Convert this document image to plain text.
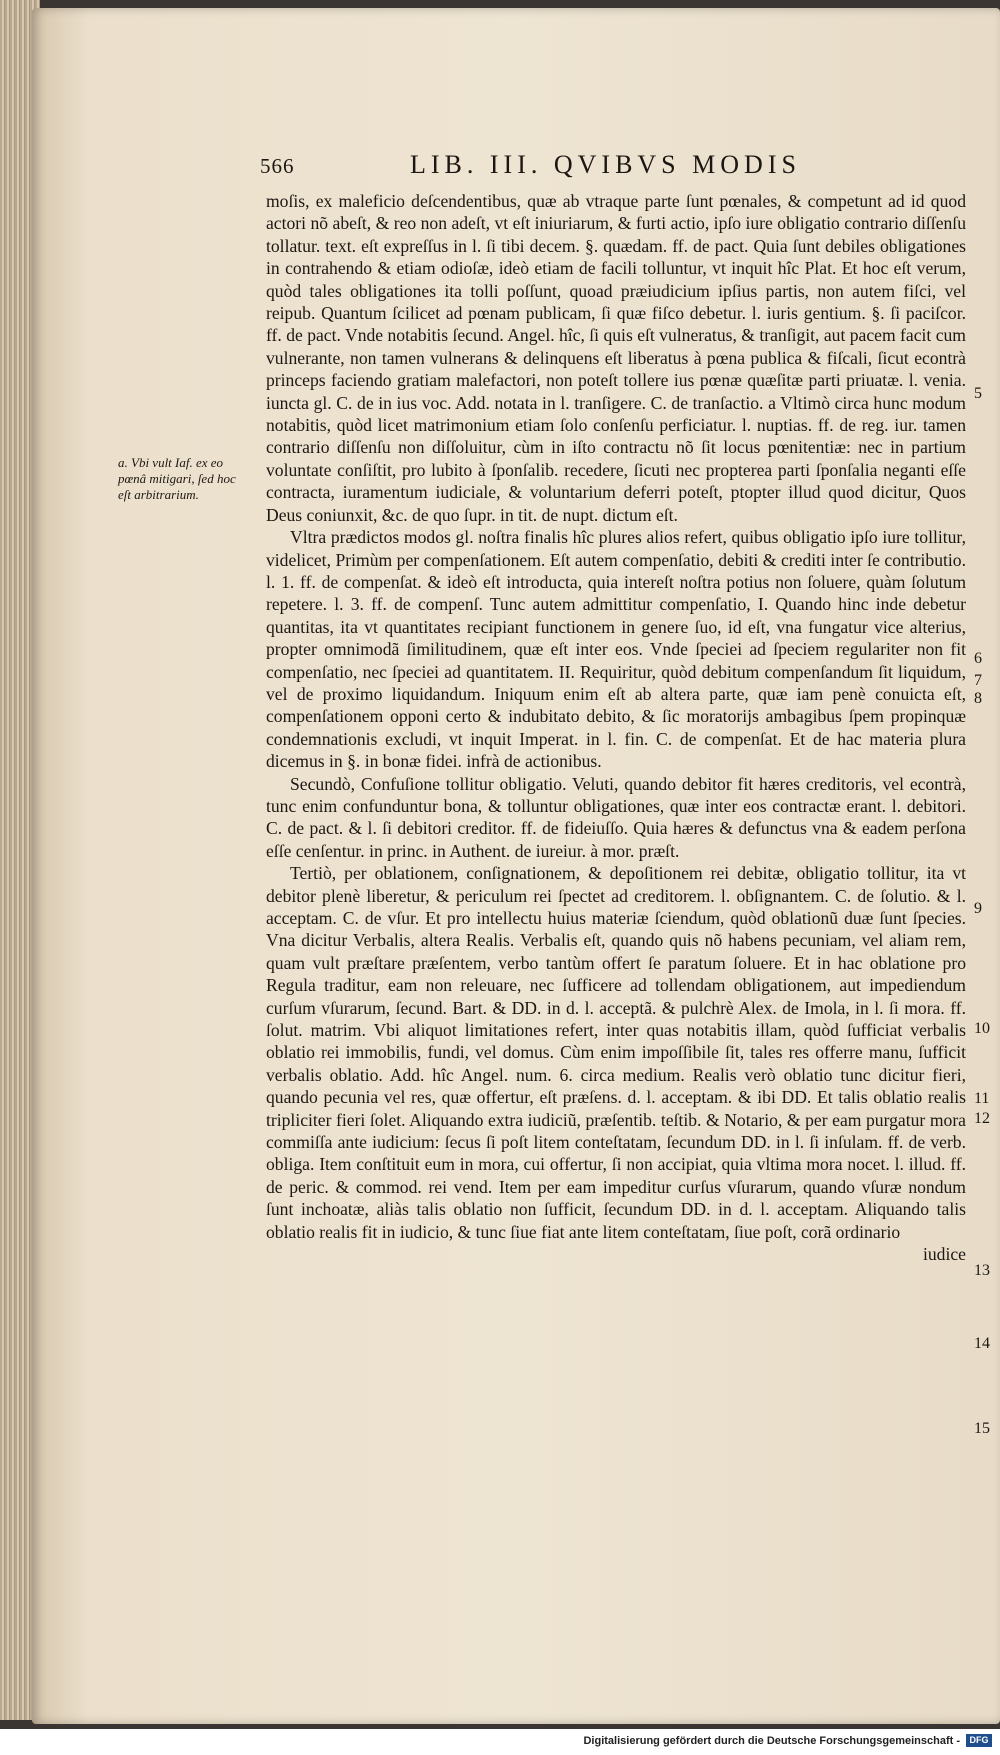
566	LIB. III. QVIBVS MODIS
a. Vbi vult Iaf. ex eo pœnâ mitigari, ſed hoc eſt arbitrarium.
5
6
7
8
9
10
11
12
13
14
15

moſis, ex maleficio deſcendentibus, quæ ab vtraque parte ſunt pœnales, & competunt ad id quod actori nõ abeſt, & reo non adeſt, vt eſt iniuriarum, & furti actio, ipſo iure obligatio contrario diſſenſu tollatur. text. eſt expreſſus in l. ſi tibi decem. §. quædam. ff. de pact. Quia ſunt debiles obligationes in contrahendo & etiam odioſæ, ideò etiam de facili tolluntur, vt inquit hîc Plat. Et hoc eſt verum, quòd tales obligationes ita tolli poſſunt, quoad præiudicium ipſius partis, non autem fiſci, vel reipub. Quantum ſcilicet ad pœnam publicam, ſi quæ fiſco debetur. l. iuris gentium. §. ſi paciſcor. ff. de pact. Vnde notabitis ſecund. Angel. hîc, ſi quis eſt vulneratus, & tranſigit, aut pacem facit cum vulnerante, non tamen vulnerans & delinquens eſt liberatus à pœna publica & fiſcali, ſicut econtrà princeps faciendo gratiam malefactori, non poteſt tollere ius pœnæ quæſitæ parti priuatæ. l. venia. iuncta gl. C. de in ius voc. Add. notata in l. tranſigere. C. de tranſactio. a Vltimò circa hunc modum notabitis, quòd licet matrimonium etiam ſolo conſenſu perficiatur. l. nuptias. ff. de reg. iur. tamen contrario diſſenſu non diſſoluitur, cùm in iſto contractu nõ ſit locus pœnitentiæ: nec in partium voluntate conſiſtit, pro lubito à ſponſalib. recedere, ſicuti nec propterea parti ſponſalia neganti eſſe contracta, iuramentum iudiciale, & voluntarium deferri poteſt, ptopter illud quod dicitur, Quos Deus coniunxit, &c. de quo ſupr. in tit. de nupt. dictum eſt.

Vltra prædictos modos gl. noſtra finalis hîc plures alios refert, quibus obligatio ipſo iure tollitur, videlicet, Primùm per compenſationem. Eſt autem compenſatio, debiti & crediti inter ſe contributio. l. 1. ff. de compenſat. & ideò eſt introducta, quia intereſt noſtra potius non ſoluere, quàm ſolutum repetere. l. 3. ff. de compenſ. Tunc autem admittitur compenſatio, I. Quando hinc inde debetur quantitas, ita vt quantitates recipiant functionem in genere ſuo, id eſt, vna fungatur vice alterius, propter omnimodã ſimilitudinem, quæ eſt inter eos. Vnde ſpeciei ad ſpeciem regulariter non fit compenſatio, nec ſpeciei ad quantitatem. II. Requiritur, quòd debitum compenſandum ſit liquidum, vel de proximo liquidandum. Iniquum enim eſt ab altera parte, quæ iam penè conuicta eſt, compenſationem opponi certo & indubitato debito, & ſic moratorijs ambagibus ſpem propinquæ condemnationis excludi, vt inquit Imperat. in l. fin. C. de compenſat. Et de hac materia plura dicemus in §. in bonæ fidei. infrà de actionibus.

Secundò, Confuſione tollitur obligatio. Veluti, quando debitor fit hæres creditoris, vel econtrà, tunc enim confunduntur bona, & tolluntur obligationes, quæ inter eos contractæ erant. l. debitori. C. de pact. & l. ſi debitori creditor. ff. de fideiuſſo. Quia hæres & defunctus vna & eadem perſona eſſe cenſentur. in princ. in Authent. de iureiur. à mor. præſt.

Tertiò, per oblationem, conſignationem, & depoſitionem rei debitæ, obligatio tollitur, ita vt debitor plenè liberetur, & periculum rei ſpectet ad creditorem. l. obſignantem. C. de ſolutio. & l. acceptam. C. de vſur. Et pro intellectu huius materiæ ſciendum, quòd oblationũ duæ ſunt ſpecies. Vna dicitur Verbalis, altera Realis. Verbalis eſt, quando quis nõ habens pecuniam, vel aliam rem, quam vult præſtare præſentem, verbo tantùm offert ſe paratum ſoluere. Et in hac oblatione pro Regula traditur, eam non releuare, nec ſufficere ad tollendam obligationem, aut impediendum curſum vſurarum, ſecund. Bart. & DD. in d. l. acceptã. & pulchrè Alex. de Imola, in l. ſi mora. ff. ſolut. matrim. Vbi aliquot limitationes refert, inter quas notabitis illam, quòd ſufficiat verbalis oblatio rei immobilis, fundi, vel domus. Cùm enim impoſſibile ſit, tales res offerre manu, ſufficit verbalis oblatio. Add. hîc Angel. num. 6. circa medium. Realis verò oblatio tunc dicitur fieri, quando pecunia vel res, quæ offertur, eſt præſens. d. l. acceptam. & ibi DD. Et talis oblatio realis tripliciter fieri ſolet. Aliquando extra iudiciũ, præſentib. teſtib. & Notario, & per eam purgatur mora commiſſa ante iudicium: ſecus ſi poſt litem conteſtatam, ſecundum DD. in l. ſi inſulam. ff. de verb. obliga. Item conſtituit eum in mora, cui offertur, ſi non accipiat, quia vltima mora nocet. l. illud. ff. de peric. & commod. rei vend. Item per eam impeditur curſus vſurarum, quando vſuræ nondum ſunt inchoatæ, aliàs talis oblatio non ſufficit, ſecundum DD. in d. l. acceptam. Aliquando talis oblatio realis fit in iudicio, & tunc ſiue fiat ante litem conteſtatam, ſiue poſt, corã ordinario

iudice

Digitalisierung gefördert durch die Deutsche Forschungsgemeinschaft -	DFG
